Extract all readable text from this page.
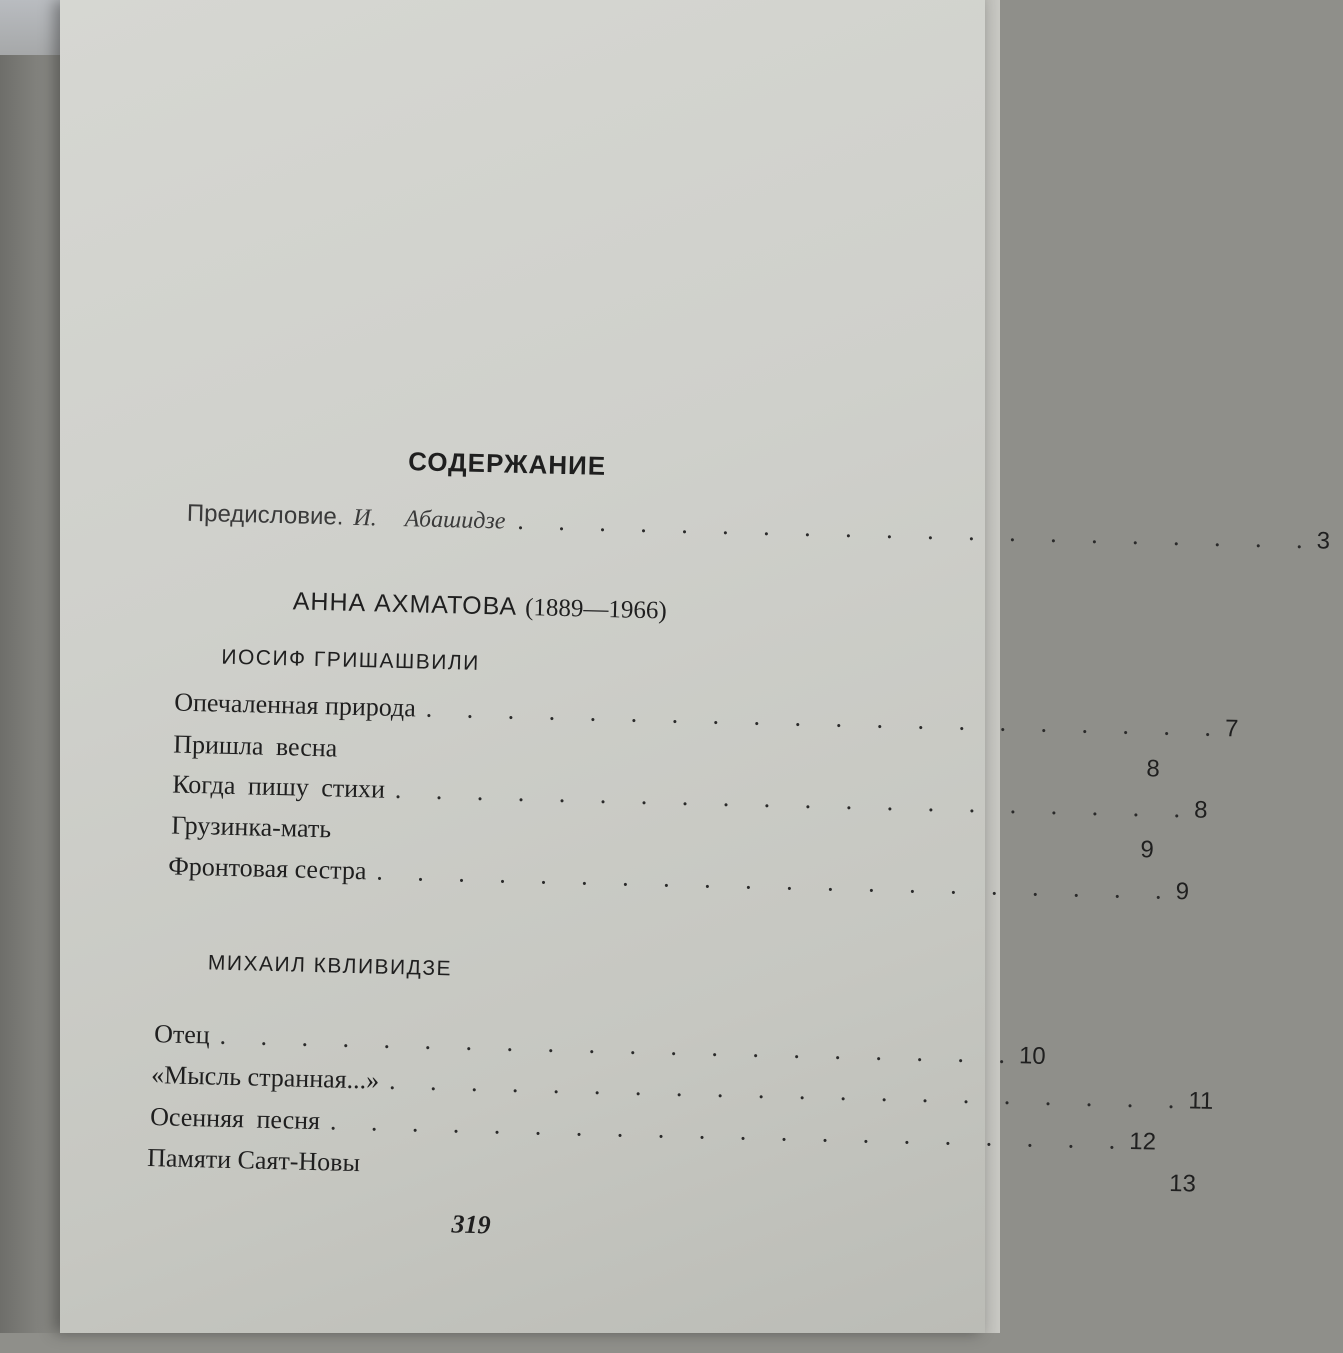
СОДЕРЖАНИЕ
Предисловие. И. Абашидзе . . . . . . . . . . . . . . . . . . . . 3
АННА АХМАТОВА (1889—1966)
ИОСИФ ГРИШАШВИЛИ
Опечаленная природа . . . . . . . . . . . . . . . . . . . . 7
Пришла весна
8
Когда пишу стихи . . . . . . . . . . . . . . . . . . . . 8
Грузинка-мать
9
Фронтовая сестра . . . . . . . . . . . . . . . . . . . . 9
МИХАИЛ КВЛИВИДЗЕ
Отец . . . . . . . . . . . . . . . . . . . . 10
«Мысль странная...» . . . . . . . . . . . . . . . . . . . . 11
Осенняя песня . . . . . . . . . . . . . . . . . . . . 12
Памяти Саят-Новы
13
319
